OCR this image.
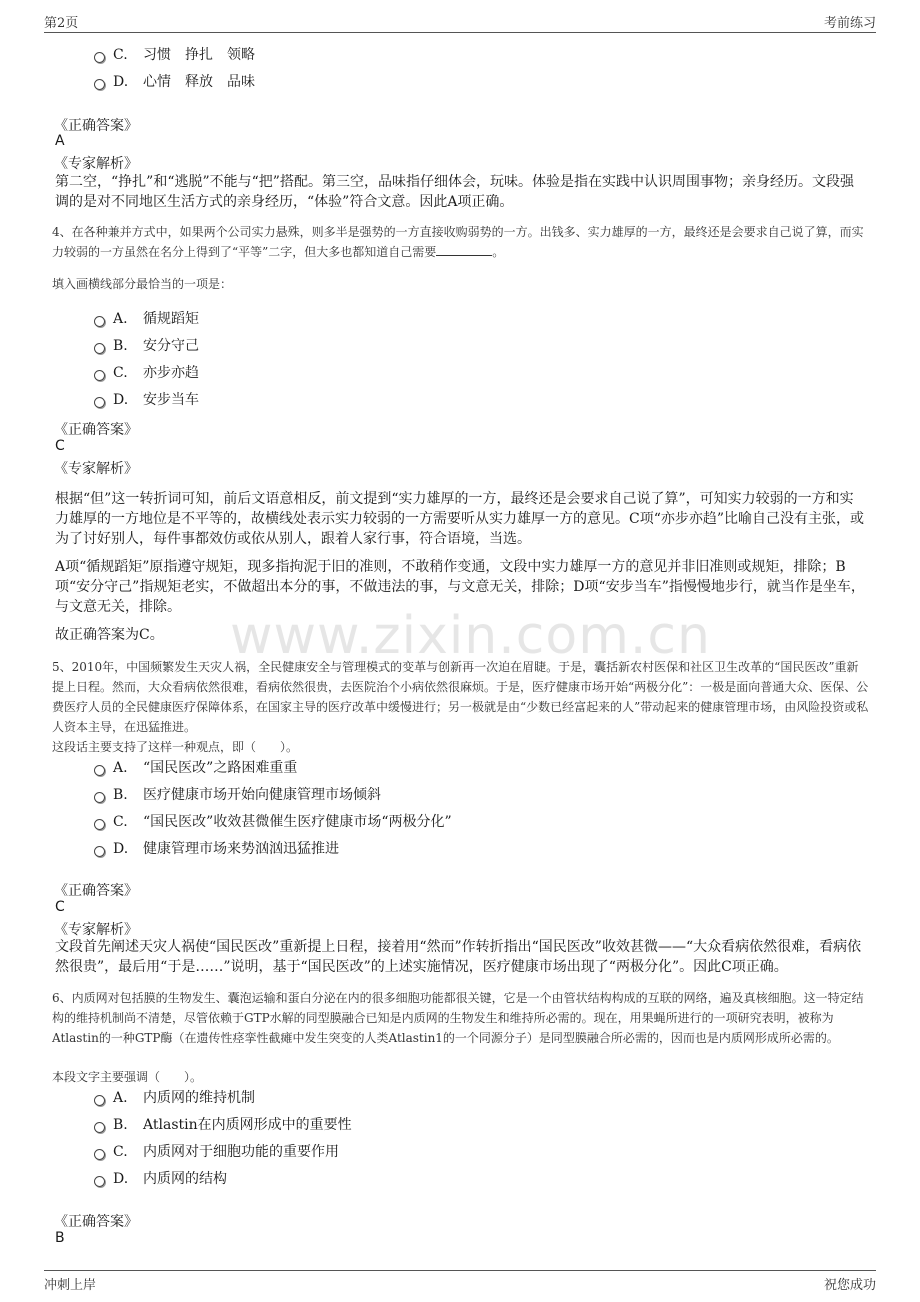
第2页	考前练习
www.zixin.com.cn
C. 习惯　挣扎　领略
D. 心情　释放　品味
《正确答案》
A
《专家解析》
第二空，“挣扎”和“逃脱”不能与“把”搭配。第三空，品味指仔细体会，玩味。体验是指在实践中认识周围事物；亲身经历。文段强调的是对不同地区生活方式的亲身经历，“体验”符合文意。因此A项正确。
4、在各种兼并方式中，如果两个公司实力悬殊，则多半是强势的一方直接收购弱势的一方。出钱多、实力雄厚的一方，最终还是会要求自己说了算，而实力较弱的一方虽然在名分上得到了“平等”二字，但大多也都知道自己需要	。
填入画横线部分最恰当的一项是：
A. 循规蹈矩
B. 安分守己
C. 亦步亦趋
D. 安步当车
《正确答案》
C
《专家解析》
根据“但”这一转折词可知，前后文语意相反，前文提到“实力雄厚的一方，最终还是会要求自己说了算”，可知实力较弱的一方和实力雄厚的一方地位是不平等的，故横线处表示实力较弱的一方需要听从实力雄厚一方的意见。C项“亦步亦趋”比喻自己没有主张，或为了讨好别人，每件事都效仿或依从别人，跟着人家行事，符合语境，当选。
A项“循规蹈矩”原指遵守规矩，现多指拘泥于旧的准则，不敢稍作变通，文段中实力雄厚一方的意见并非旧准则或规矩，排除；B项“安分守己”指规矩老实，不做超出本分的事，不做违法的事，与文意无关，排除；D项“安步当车”指慢慢地步行，就当作是坐车，与文意无关，排除。
故正确答案为C。
5、2010年，中国频繁发生天灾人祸，全民健康安全与管理模式的变革与创新再一次迫在眉睫。于是，囊括新农村医保和社区卫生改革的“国民医改”重新提上日程。然而，大众看病依然很难，看病依然很贵，去医院治个小病依然很麻烦。于是，医疗健康市场开始“两极分化”：一极是面向普通大众、医保、公费医疗人员的全民健康医疗保障体系，在国家主导的医疗改革中缓慢进行；另一极就是由“少数已经富起来的人”带动起来的健康管理市场，由风险投资或私人资本主导，在迅猛推进。
这段话主要支持了这样一种观点，即（　　）。
A. “国民医改”之路困难重重
B. 医疗健康市场开始向健康管理市场倾斜
C. “国民医改”收效甚微催生医疗健康市场“两极分化”
D. 健康管理市场来势汹汹迅猛推进
《正确答案》
C
《专家解析》
文段首先阐述天灾人祸使“国民医改”重新提上日程，接着用“然而”作转折指出“国民医改”收效甚微——“大众看病依然很难，看病依然很贵”，最后用“于是……”说明，基于“国民医改”的上述实施情况，医疗健康市场出现了“两极分化”。因此C项正确。
6、内质网对包括膜的生物发生、囊泡运输和蛋白分泌在内的很多细胞功能都很关键，它是一个由管状结构构成的互联的网络，遍及真核细胞。这一特定结构的维持机制尚不清楚，尽管依赖于GTP水解的同型膜融合已知是内质网的生物发生和维持所必需的。现在，用果蝇所进行的一项研究表明，被称为Atlastin的一种GTP酶（在遗传性痉挛性截瘫中发生突变的人类Atlastin1的一个同源分子）是同型膜融合所必需的，因而也是内质网形成所必需的。
本段文字主要强调（　　）。
A. 内质网的维持机制
B. Atlastin在内质网形成中的重要性
C. 内质网对于细胞功能的重要作用
D. 内质网的结构
《正确答案》
B
冲刺上岸	祝您成功
